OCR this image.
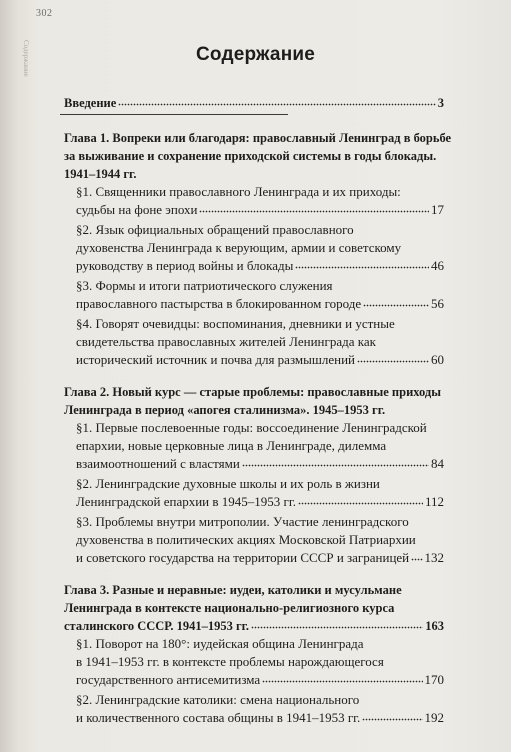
302
Содержание	Содержание
Введение	3
Глава 1. Вопреки или благодаря: православный Ленинград в борьбе
за выживание и сохранение приходской системы в годы блокады.
1941–1944 гг.
§1. Священники православного Ленинграда и их приходы:
судьбы на фоне эпохи	17
§2. Язык официальных обращений православного
духовенства Ленинграда к верующим, армии и советскому
руководству в период войны и блокады	46
§3. Формы и итоги патриотического служения
православного пастырства в блокированном городе	56
§4. Говорят очевидцы: воспоминания, дневники и устные
свидетельства православных жителей Ленинграда как
исторический источник и почва для размышлений	60
Глава 2. Новый курс — старые проблемы: православные приходы
Ленинграда в период «апогея сталинизма». 1945–1953 гг.
§1. Первые послевоенные годы: воссоединение Ленинградской
епархии, новые церковные лица в Ленинграде, дилемма
взаимоотношений с властями	84
§2. Ленинградские духовные школы и их роль в жизни
Ленинградской епархии в 1945–1953 гг.	112
§3. Проблемы внутри митрополии. Участие ленинградского
духовенства в политических акциях Московской Патриархии
и советского государства на территории СССР и заграницей 132
Глава 3. Разные и неравные: иудеи, католики и мусульмане
Ленинграда в контексте национально-религиозного курса
сталинского СССР. 1941–1953 гг.	163
§1. Поворот на 180°: иудейская община Ленинграда
в 1941–1953 гг. в контексте проблемы нарождающегося
государственного антисемитизма	170
§2. Ленинградские католики: смена национального
и количественного состава общины в 1941–1953 гг.	192
